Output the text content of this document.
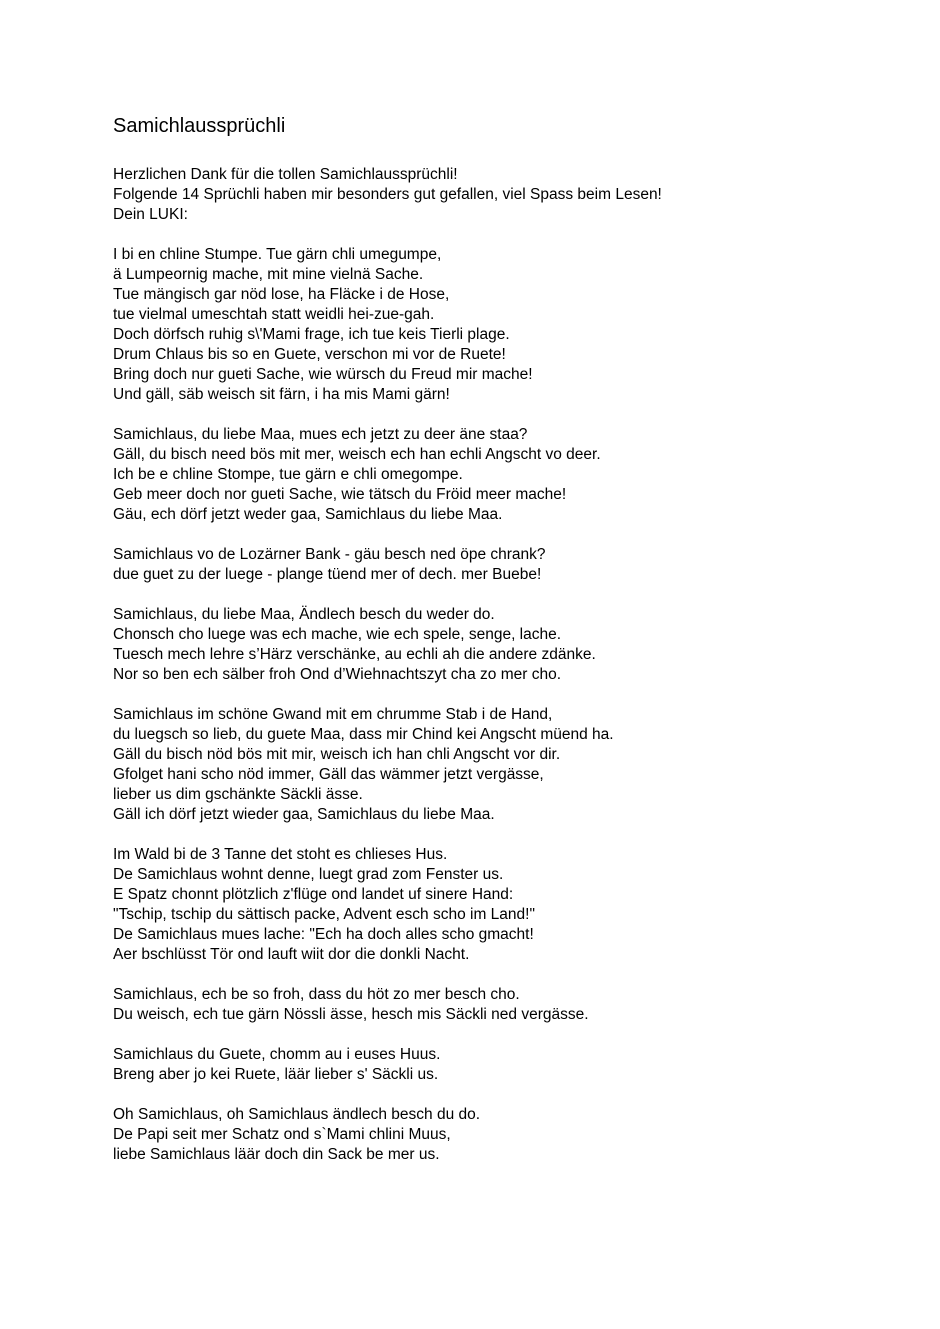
Samichlaussprüchli
Herzlichen Dank für die tollen Samichlaussprüchli!
Folgende 14 Sprüchli haben mir besonders gut gefallen, viel Spass beim Lesen!
Dein LUKI:
I bi en chline Stumpe. Tue gärn chli umegumpe,
ä Lumpeornig mache, mit mine vielnä Sache.
Tue mängisch gar nöd lose, ha Fläcke i de Hose,
tue vielmal umeschtah statt weidli hei-zue-gah.
Doch dörfsch ruhig s\'Mami frage, ich tue keis Tierli plage.
Drum Chlaus bis so en Guete, verschon mi vor de Ruete!
Bring doch nur gueti Sache, wie würsch du Freud mir mache!
Und gäll, säb weisch sit färn, i ha mis Mami gärn!
Samichlaus, du liebe Maa, mues ech jetzt zu deer äne staa?
Gäll, du bisch need bös mit mer, weisch ech han echli Angscht vo deer.
Ich be e chline Stompe, tue gärn e chli omegompe.
Geb meer doch nor gueti Sache, wie tätsch du Fröid meer mache!
Gäu, ech dörf jetzt weder gaa, Samichlaus du liebe Maa.
Samichlaus vo de Lozärner Bank - gäu besch ned öpe chrank?
due guet zu der luege - plange tüend mer of dech. mer Buebe!
Samichlaus, du liebe Maa, Ändlech besch du weder do.
Chonsch cho luege was ech mache, wie ech spele, senge, lache.
Tuesch mech lehre s’Härz verschänke, au echli ah die andere zdänke.
Nor so ben ech sälber froh Ond d’Wiehnachtszyt cha zo mer cho.
Samichlaus im schöne Gwand mit em chrumme Stab i de Hand,
du luegsch so lieb, du guete Maa, dass mir Chind kei Angscht müend ha.
Gäll du bisch nöd bös mit mir, weisch ich han chli Angscht vor dir.
Gfolget hani scho nöd immer, Gäll das wämmer jetzt vergässe,
lieber us dim gschänkte Säckli ässe.
Gäll ich dörf jetzt wieder gaa, Samichlaus du liebe Maa.
Im Wald bi de 3 Tanne det stoht es chlieses Hus.
De Samichlaus wohnt denne, luegt grad zom Fenster us.
E Spatz chonnt plötzlich z'flüge ond landet uf sinere Hand:
"Tschip, tschip du sättisch packe, Advent esch scho im Land!"
De Samichlaus mues lache: "Ech ha doch alles scho gmacht!
Aer bschlüsst Tör ond lauft wiit dor die donkli Nacht.
Samichlaus, ech be so froh, dass du höt zo mer besch cho.
Du weisch, ech tue gärn Nössli ässe, hesch mis Säckli ned vergässe.
Samichlaus du Guete, chomm au i euses Huus.
Breng aber jo kei Ruete, läär lieber s' Säckli us.
Oh Samichlaus, oh Samichlaus ändlech besch du do.
De Papi seit mer Schatz ond s`Mami chlini Muus,
liebe Samichlaus läär doch din Sack be mer us.
